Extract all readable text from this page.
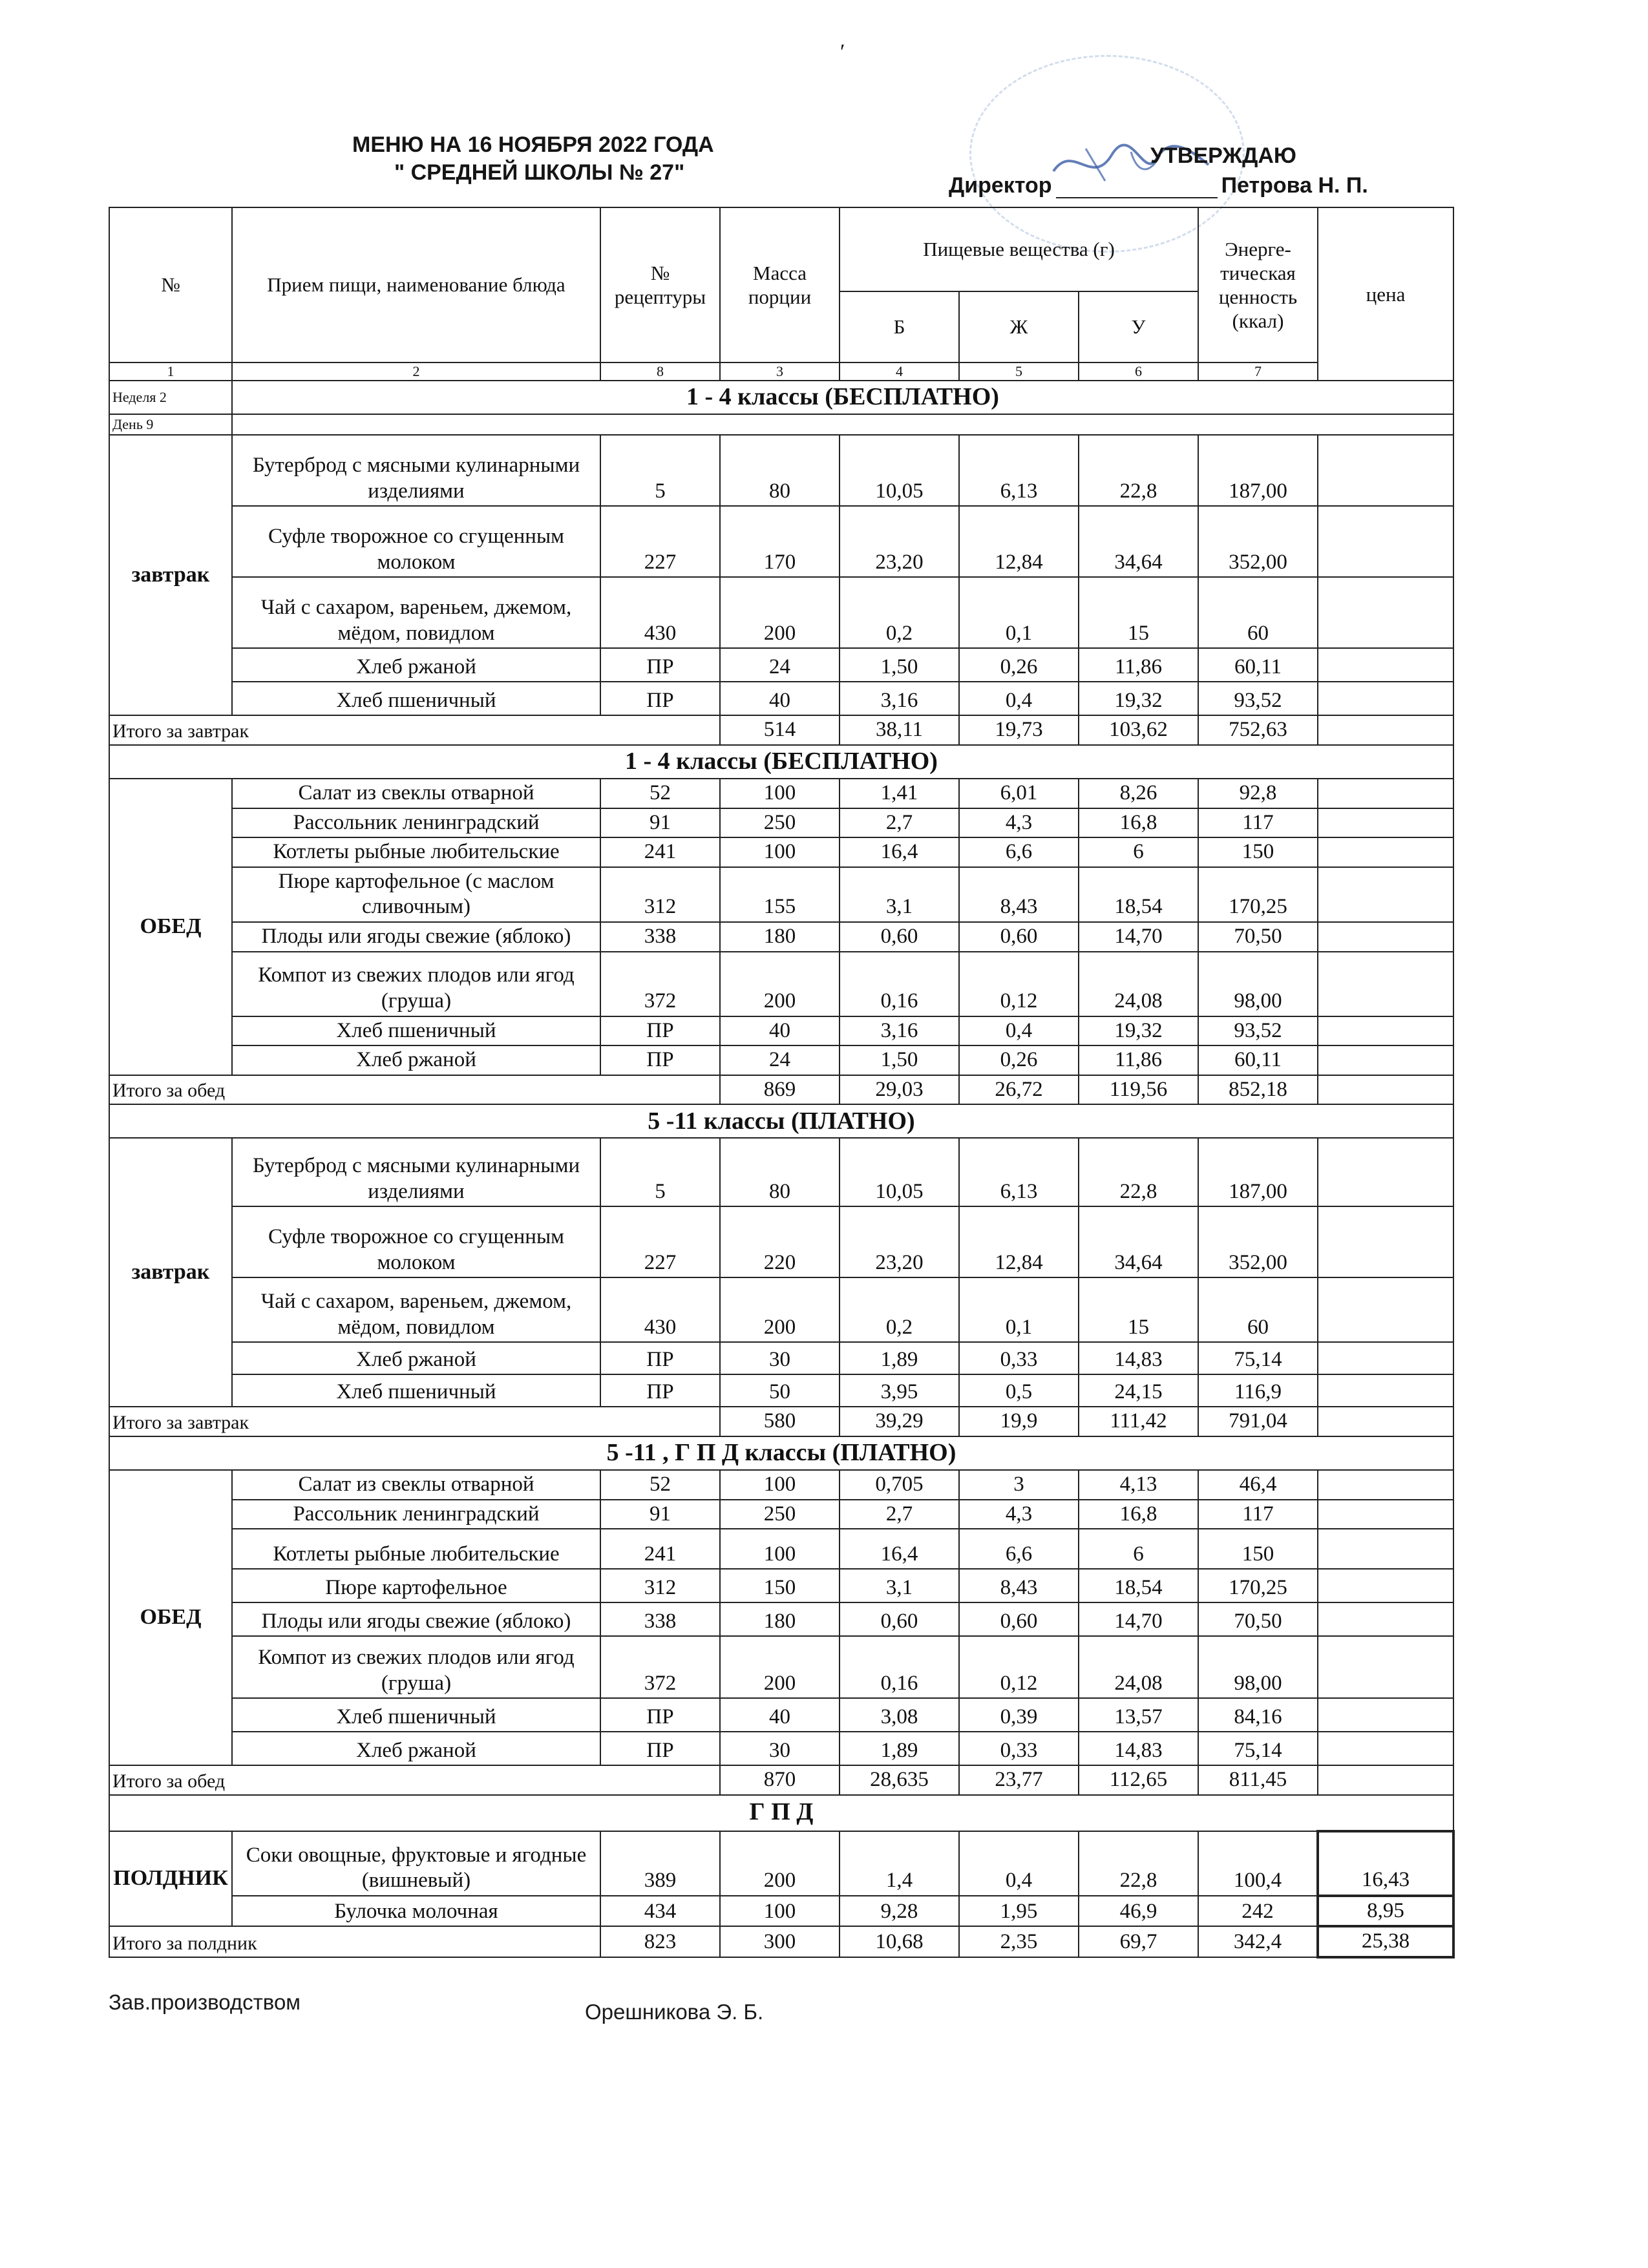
′
МЕНЮ НА 16 НОЯБРЯ 2022 ГОДА
" СРЕДНЕЙ ШКОЛЫ № 27"
УТВЕРЖДАЮ
Директор	Петрова Н. П.
№	Прием пищи, наименование блюда	№ рецептуры	Масса порции	Пищевые вещества (г)			Энерге-тическая ценность (ккал)	цена
				Б	Ж	У		
1	2	8	3	4	5	6	7	
Неделя 2	1 - 4 классы (БЕСПЛАТНО)							
День 9								
завтрак	Бутерброд с мясными кулинарными изделиями	5	80	10,05	6,13	22,8	187,00	
	Суфле творожное со сгущенным молоком	227	170	23,20	12,84	34,64	352,00	
	Чай с сахаром, вареньем, джемом, мёдом, повидлом	430	200	0,2	0,1	15	60	
	Хлеб ржаной	ПР	24	1,50	0,26	11,86	60,11	
	Хлеб пшеничный	ПР	40	3,16	0,4	19,32	93,52	
Итого за завтрак			514	38,11	19,73	103,62	752,63	
1 - 4 классы (БЕСПЛАТНО)								
ОБЕД	Салат из свеклы отварной	52	100	1,41	6,01	8,26	92,8	
	Рассольник ленинградский	91	250	2,7	4,3	16,8	117	
	Котлеты рыбные любительские	241	100	16,4	6,6	6	150	
	Пюре картофельное (с маслом сливочным)	312	155	3,1	8,43	18,54	170,25	
	Плоды или ягоды свежие (яблоко)	338	180	0,60	0,60	14,70	70,50	
	Компот из свежих плодов или ягод (груша)	372	200	0,16	0,12	24,08	98,00	
	Хлеб пшеничный	ПР	40	3,16	0,4	19,32	93,52	
	Хлеб ржаной	ПР	24	1,50	0,26	11,86	60,11	
Итого за обед			869	29,03	26,72	119,56	852,18	
5 -11 классы (ПЛАТНО)								
завтрак	Бутерброд с мясными кулинарными изделиями	5	80	10,05	6,13	22,8	187,00	
	Суфле творожное со сгущенным молоком	227	220	23,20	12,84	34,64	352,00	
	Чай с сахаром, вареньем, джемом, мёдом, повидлом	430	200	0,2	0,1	15	60	
	Хлеб ржаной	ПР	30	1,89	0,33	14,83	75,14	
	Хлеб пшеничный	ПР	50	3,95	0,5	24,15	116,9	
Итого за завтрак			580	39,29	19,9	111,42	791,04	
5 -11 , Г П Д классы (ПЛАТНО)								
ОБЕД	Салат из свеклы отварной	52	100	0,705	3	4,13	46,4	
	Рассольник ленинградский	91	250	2,7	4,3	16,8	117	
	Котлеты рыбные любительские	241	100	16,4	6,6	6	150	
	Пюре картофельное	312	150	3,1	8,43	18,54	170,25	
	Плоды или ягоды свежие (яблоко)	338	180	0,60	0,60	14,70	70,50	
	Компот из свежих плодов или ягод (груша)	372	200	0,16	0,12	24,08	98,00	
	Хлеб пшеничный	ПР	40	3,08	0,39	13,57	84,16	
	Хлеб ржаной	ПР	30	1,89	0,33	14,83	75,14	
Итого за обед			870	28,635	23,77	112,65	811,45	
Г П Д								
ПОЛДНИК	Соки овощные, фруктовые и ягодные (вишневый)	389	200	1,4	0,4	22,8	100,4	16,43
	Булочка молочная	434	100	9,28	1,95	46,9	242	8,95
Итого за полдник		823	300	10,68	2,35	69,7	342,4	25,38
Зав.производством	Орешникова Э. Б.
